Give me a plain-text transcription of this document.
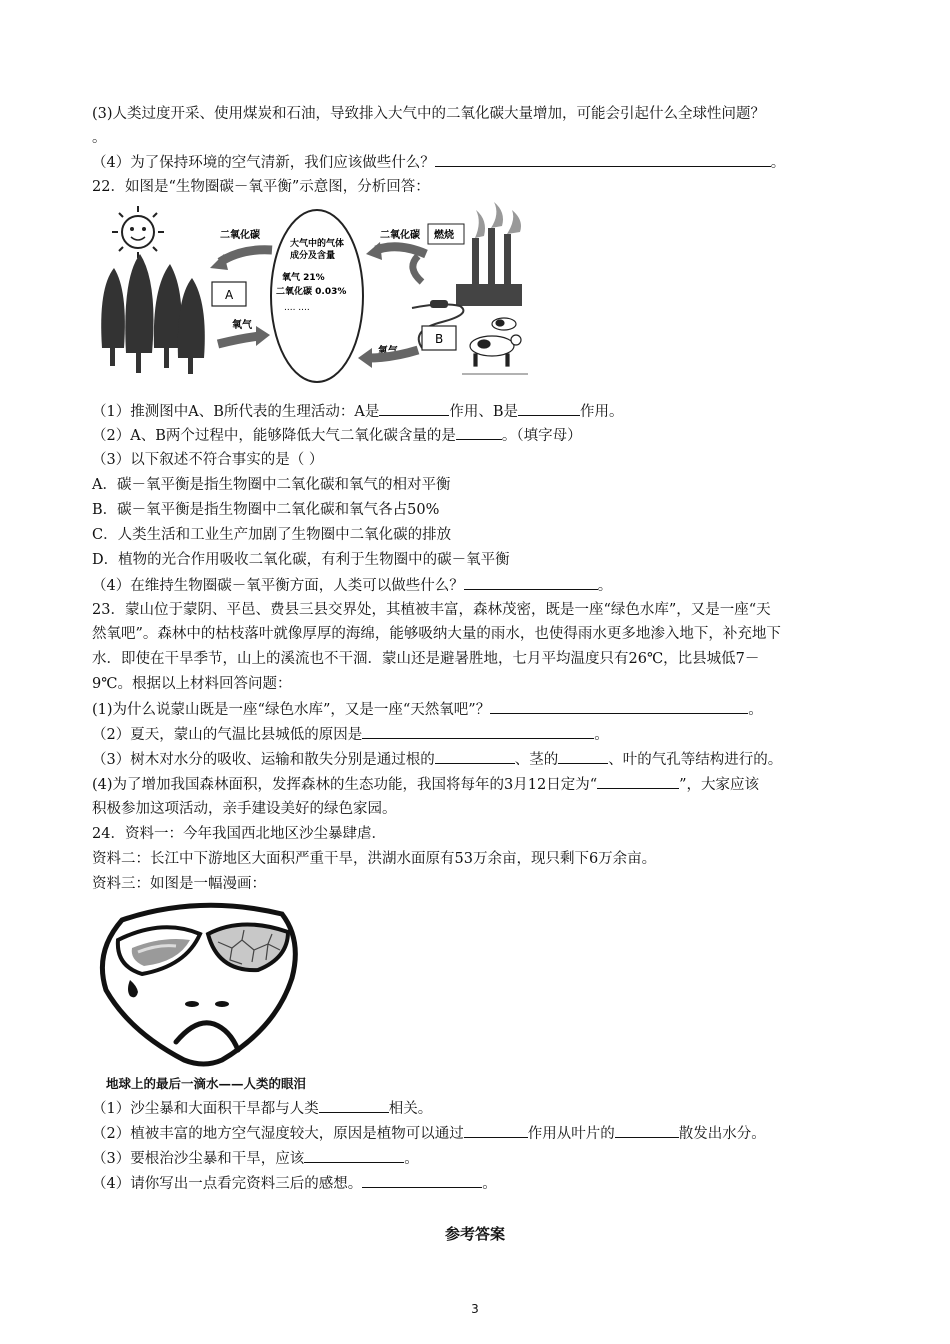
(3)人类过度开采、使用煤炭和石油，导致排入大气中的二氧化碳大量增加，可能会引起什么全球性问题？
。
（4）为了保持环境的空气清新，我们应该做些什么？	。
22．如图是“生物圈碳－氧平衡”示意图，分析回答：
二氧化碳
A
氧气
大气中的气体
成分及含量
氧气 21%
二氧化碳 0.03%
.... ....
二氧化碳 燃烧
氧气
B
（1）推测图中A、B所代表的生理活动：A是	作用、B是	作用。
（2）A、B两个过程中，能够降低大气二氧化碳含量的是	。（填字母）
（3）以下叙述不符合事实的是（ ）
A．碳－氧平衡是指生物圈中二氧化碳和氧气的相对平衡
B．碳－氧平衡是指生物圈中二氧化碳和氧气各占50%
C．人类生活和工业生产加剧了生物圈中二氧化碳的排放
D．植物的光合作用吸收二氧化碳，有利于生物圈中的碳－氧平衡
（4）在维持生物圈碳－氧平衡方面，人类可以做些什么？	。
23．蒙山位于蒙阴、平邑、费县三县交界处，其植被丰富，森林茂密，既是一座“绿色水库”，又是一座“天
然氧吧”。森林中的枯枝落叶就像厚厚的海绵，能够吸纳大量的雨水，也使得雨水更多地渗入地下，补充地下
水．即使在干旱季节，山上的溪流也不干涸．蒙山还是避暑胜地，七月平均温度只有26℃，比县城低7－
9℃。根据以上材料回答问题：
(1)为什么说蒙山既是一座“绿色水库”，又是一座“天然氧吧”？	。
（2）夏天，蒙山的气温比县城低的原因是	。
（3）树木对水分的吸收、运输和散失分别是通过根的	、茎的	、叶的气孔等结构进行的。
(4)为了增加我国森林面积，发挥森林的生态功能，我国将每年的3月12日定为“	”，大家应该
积极参加这项活动，亲手建设美好的绿色家园。
24．资料一：今年我国西北地区沙尘暴肆虐．
资料二：长江中下游地区大面积严重干旱，洪湖水面原有53万余亩，现只剩下6万余亩。
资料三：如图是一幅漫画：
地球上的最后一滴水——人类的眼泪
（1）沙尘暴和大面积干旱都与人类	相关。
（2）植被丰富的地方空气湿度较大，原因是植物可以通过	作用从叶片的	散发出水分。
（3）要根治沙尘暴和干旱，应该	。
（4）请你写出一点看完资料三后的感想。	。
参考答案
3
